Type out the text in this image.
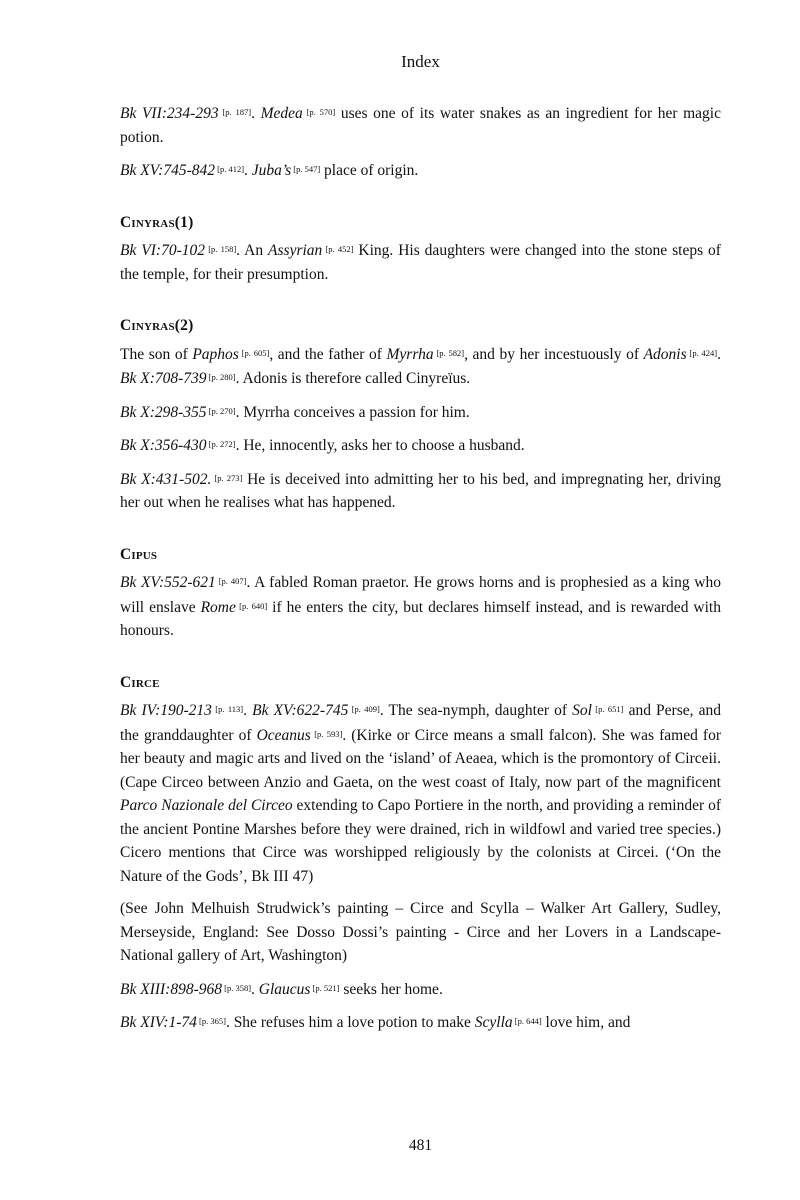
Index

Bk VII:234-293 [p. 187]. Medea [p. 570] uses one of its water snakes as an ingredient for her magic potion.

Bk XV:745-842 [p. 412]. Juba’s [p. 547] place of origin.

Cinyras(1)

Bk VI:70-102 [p. 158]. An Assyrian [p. 452] King. His daughters were changed into the stone steps of the temple, for their presumption.

Cinyras(2)

The son of Paphos [p. 605], and the father of Myrrha [p. 582], and by her incestuously of Adonis [p. 424]. Bk X:708-739 [p. 280]. Adonis is therefore called Cinyreïus.

Bk X:298-355 [p. 270]. Myrrha conceives a passion for him.

Bk X:356-430 [p. 272]. He, innocently, asks her to choose a husband.

Bk X:431-502. [p. 273] He is deceived into admitting her to his bed, and impregnating her, driving her out when he realises what has happened.

Cipus

Bk XV:552-621 [p. 407]. A fabled Roman praetor. He grows horns and is prophesied as a king who will enslave Rome [p. 640] if he enters the city, but declares himself instead, and is rewarded with honours.

Circe

Bk IV:190-213 [p. 113]. Bk XV:622-745 [p. 409]. The sea-nymph, daughter of Sol [p. 651] and Perse, and the granddaughter of Oceanus [p. 593]. (Kirke or Circe means a small falcon). She was famed for her beauty and magic arts and lived on the ‘island’ of Aeaea, which is the promontory of Circeii. (Cape Circeo between Anzio and Gaeta, on the west coast of Italy, now part of the magnificent Parco Nazionale del Circeo extending to Capo Portiere in the north, and providing a reminder of the ancient Pontine Marshes before they were drained, rich in wildfowl and varied tree species.) Cicero mentions that Circe was worshipped religiously by the colonists at Circei. (‘On the Nature of the Gods’, Bk III 47)

(See John Melhuish Strudwick’s painting – Circe and Scylla – Walker Art Gallery, Sudley, Merseyside, England: See Dosso Dossi’s painting - Circe and her Lovers in a Landscape- National gallery of Art, Washington)

Bk XIII:898-968 [p. 358]. Glaucus [p. 521] seeks her home.

Bk XIV:1-74 [p. 365]. She refuses him a love potion to make Scylla [p. 644] love him, and

481
